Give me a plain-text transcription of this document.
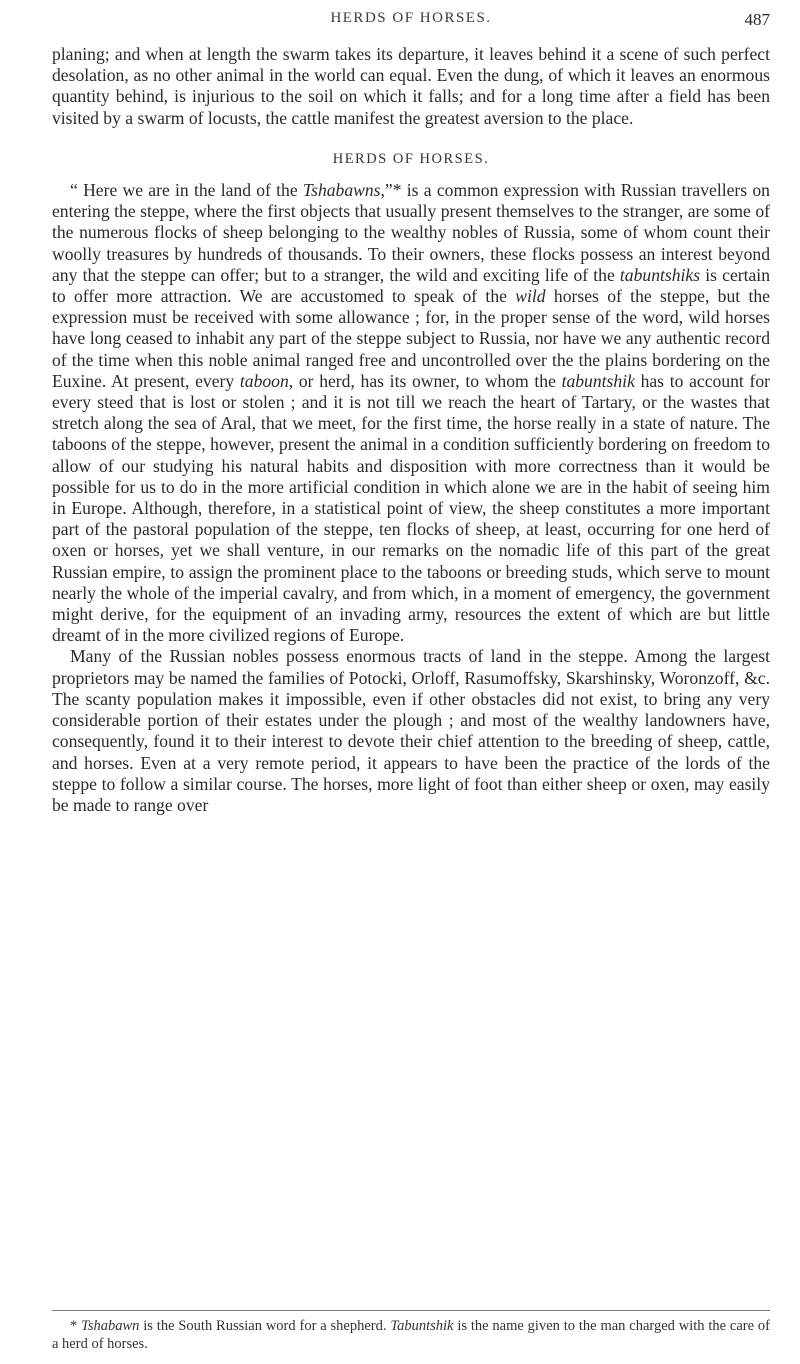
HERDS OF HORSES.	487

planing; and when at length the swarm takes its departure, it leaves behind it a scene of such perfect desolation, as no other animal in the world can equal. Even the dung, of which it leaves an enormous quantity behind, is injurious to the soil on which it falls; and for a long time after a field has been visited by a swarm of locusts, the cattle manifest the greatest aversion to the place.

HERDS OF HORSES.

“ Here we are in the land of the Tshabawns,”* is a common expression with Russian travellers on entering the steppe, where the first objects that usually present themselves to the stranger, are some of the numerous flocks of sheep belonging to the wealthy nobles of Russia, some of whom count their woolly treasures by hundreds of thousands. To their owners, these flocks possess an interest beyond any that the steppe can offer; but to a stranger, the wild and exciting life of the tabuntshiks is certain to offer more attraction. We are accustomed to speak of the wild horses of the steppe, but the expression must be received with some allowance ; for, in the proper sense of the word, wild horses have long ceased to inhabit any part of the steppe subject to Russia, nor have we any authentic record of the time when this noble animal ranged free and uncontrolled over the the plains bordering on the Euxine. At present, every taboon, or herd, has its owner, to whom the tabuntshik has to account for every steed that is lost or stolen ; and it is not till we reach the heart of Tartary, or the wastes that stretch along the sea of Aral, that we meet, for the first time, the horse really in a state of nature. The taboons of the steppe, however, present the animal in a condition sufficiently bordering on freedom to allow of our studying his natural habits and disposition with more correctness than it would be possible for us to do in the more artificial condition in which alone we are in the habit of seeing him in Europe. Although, therefore, in a statistical point of view, the sheep constitutes a more important part of the pastoral population of the steppe, ten flocks of sheep, at least, occurring for one herd of oxen or horses, yet we shall venture, in our remarks on the nomadic life of this part of the great Russian empire, to assign the prominent place to the taboons or breeding studs, which serve to mount nearly the whole of the imperial cavalry, and from which, in a moment of emergency, the government might derive, for the equipment of an invading army, resources the extent of which are but little dreamt of in the more civilized regions of Europe.

Many of the Russian nobles possess enormous tracts of land in the steppe. Among the largest proprietors may be named the families of Potocki, Orloff, Rasumoffsky, Skarshinsky, Woronzoff, &c. The scanty population makes it impossible, even if other obstacles did not exist, to bring any very considerable portion of their estates under the plough ; and most of the wealthy landowners have, consequently, found it to their interest to devote their chief attention to the breeding of sheep, cattle, and horses. Even at a very remote period, it appears to have been the practice of the lords of the steppe to follow a similar course. The horses, more light of foot than either sheep or oxen, may easily be made to range over

* Tshabawn is the South Russian word for a shepherd. Tabuntshik is the name given to the man charged with the care of a herd of horses.
